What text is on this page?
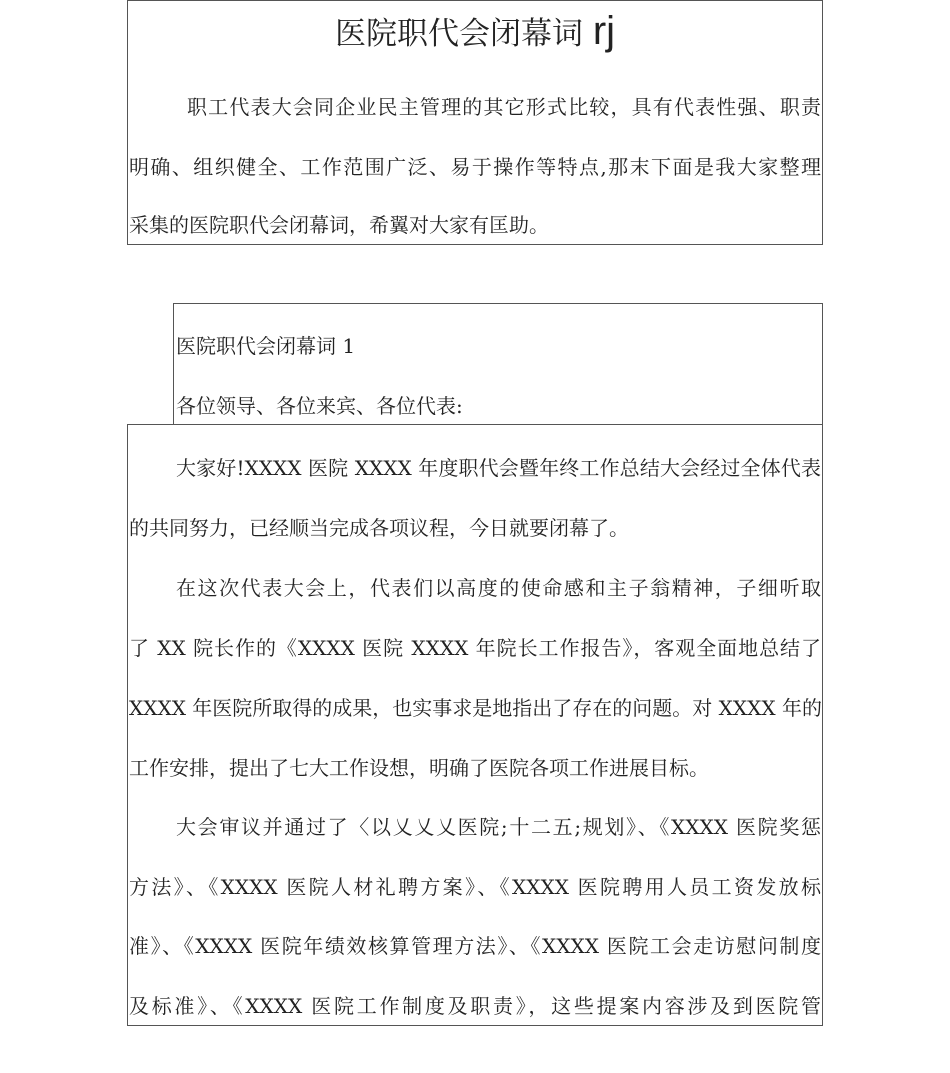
医院职代会闭幕词 rj
职工代表大会同企业民主管理的其它形式比较，具有代表性强、职责
明确、组织健全、工作范围广泛、易于操作等特点,那末下面是我大家整理
采集的医院职代会闭幕词，希翼对大家有匡助。
医院职代会闭幕词 1
各位领导、各位来宾、各位代表:
大家好!XXXX 医院 XXXX 年度职代会暨年终工作总结大会经过全体代表
的共同努力，已经顺当完成各项议程，今日就要闭幕了。
在这次代表大会上，代表们以高度的使命感和主子翁精神，子细听取
了 XX 院长作的《XXXX 医院 XXXX 年院长工作报告》，客观全面地总结了
XXXX 年医院所取得的成果，也实事求是地指出了存在的问题。对 XXXX 年的
工作安排，提出了七大工作设想，明确了医院各项工作进展目标。
大会审议并通过了〈以乂乂乂医院;十二五;规划》、《XXXX 医院奖惩
方法》、《XXXX 医院人材礼聘方案》、《XXXX 医院聘用人员工资发放标
准》、《XXXX 医院年绩效核算管理方法》、《XXXX 医院工会走访慰问制度
及标准》、《XXXX 医院工作制度及职责》，这些提案内容涉及到医院管
